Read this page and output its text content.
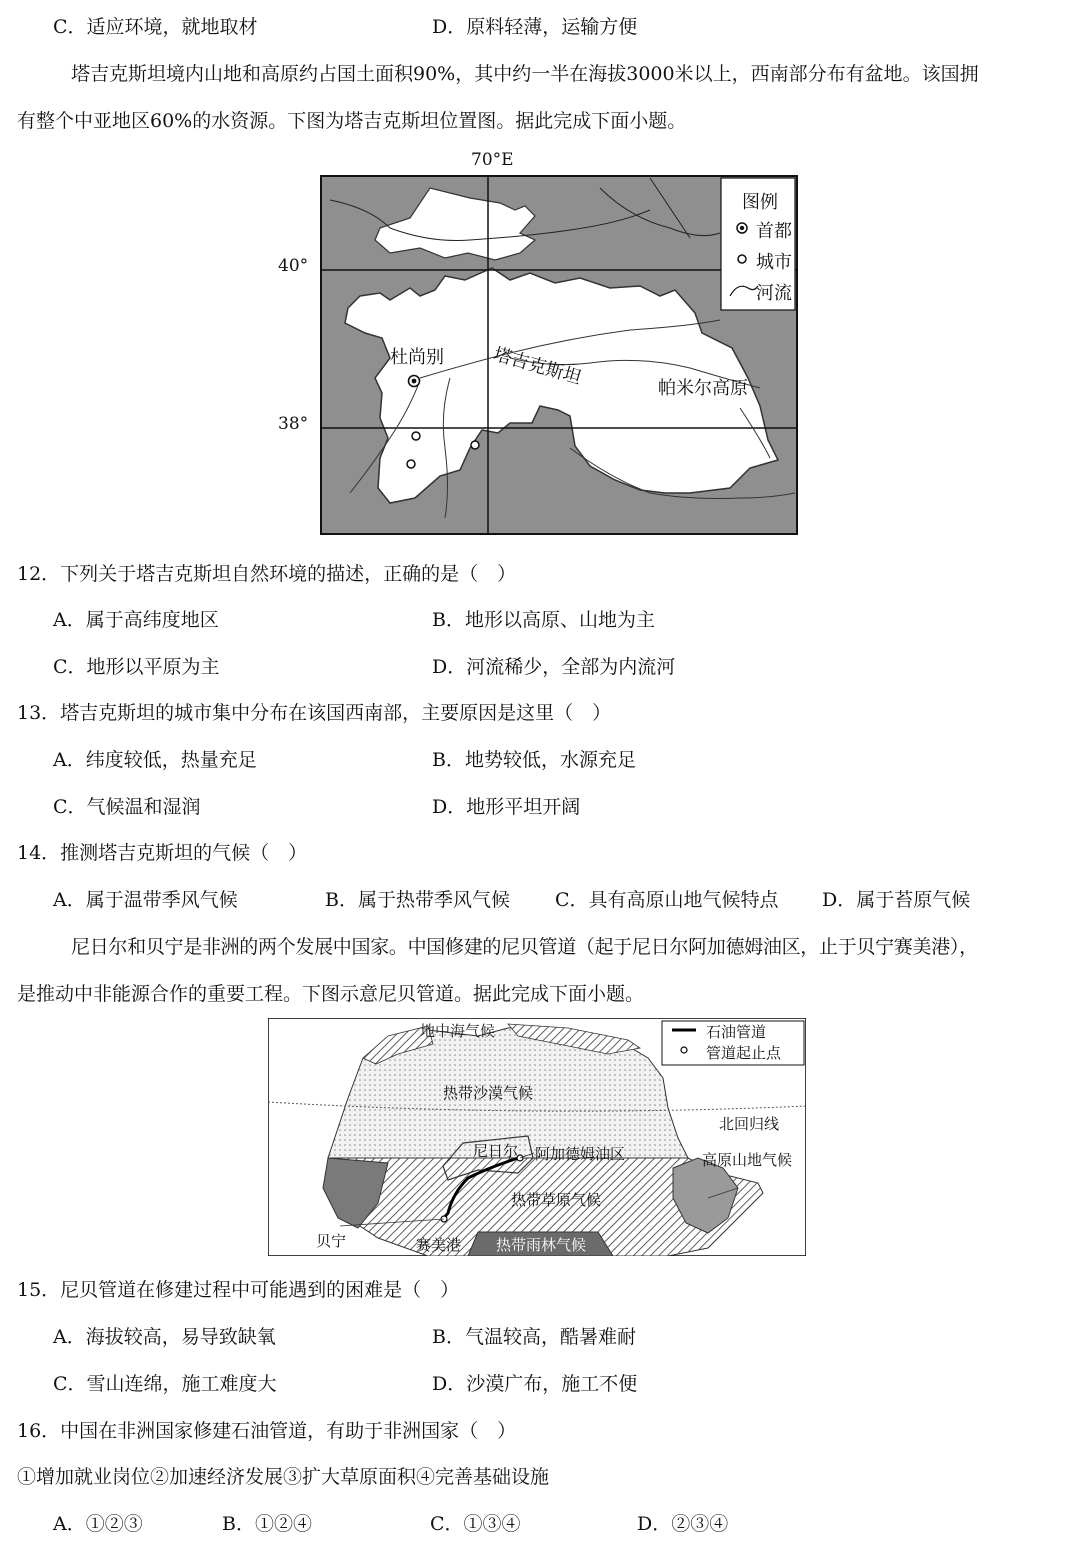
C．适应环境，就地取材	D．原料轻薄，运输方便
塔吉克斯坦境内山地和高原约占国土面积90%，其中约一半在海拔3000米以上，西南部分布有盆地。该国拥
有整个中亚地区60%的水资源。下图为塔吉克斯坦位置图。据此完成下面小题。
70°E
40°
38°
图例
首都
城市
河流
杜尚别	塔吉克斯坦	帕米尔高原
12．下列关于塔吉克斯坦自然环境的描述，正确的是（　）
A．属于高纬度地区	B．地形以高原、山地为主
C．地形以平原为主	D．河流稀少，全部为内流河
13．塔吉克斯坦的城市集中分布在该国西南部，主要原因是这里（　）
A．纬度较低，热量充足	B．地势较低，水源充足
C．气候温和湿润	D．地形平坦开阔
14．推测塔吉克斯坦的气候（　）
A．属于温带季风气候	B．属于热带季风气候 C．具有高原山地气候特点 D．属于苔原气候
尼日尔和贝宁是非洲的两个发展中国家。中国修建的尼贝管道（起于尼日尔阿加德姆油区，止于贝宁赛美港），
是推动中非能源合作的重要工程。下图示意尼贝管道。据此完成下面小题。
地中海气候	石油管道
管道起止点
热带沙漠气候
北回归线
尼日尔 阿加德姆油区	高原山地气候
热带草原气候
贝宁	赛美港 热带雨林气候
15．尼贝管道在修建过程中可能遇到的困难是（　）
A．海拔较高，易导致缺氧	B．气温较高，酷暑难耐
C．雪山连绵，施工难度大	D．沙漠广布，施工不便
16．中国在非洲国家修建石油管道，有助于非洲国家（　）
①增加就业岗位②加速经济发展③扩大草原面积④完善基础设施
A．①②③	B．①②④	C．①③④	D．②③④
